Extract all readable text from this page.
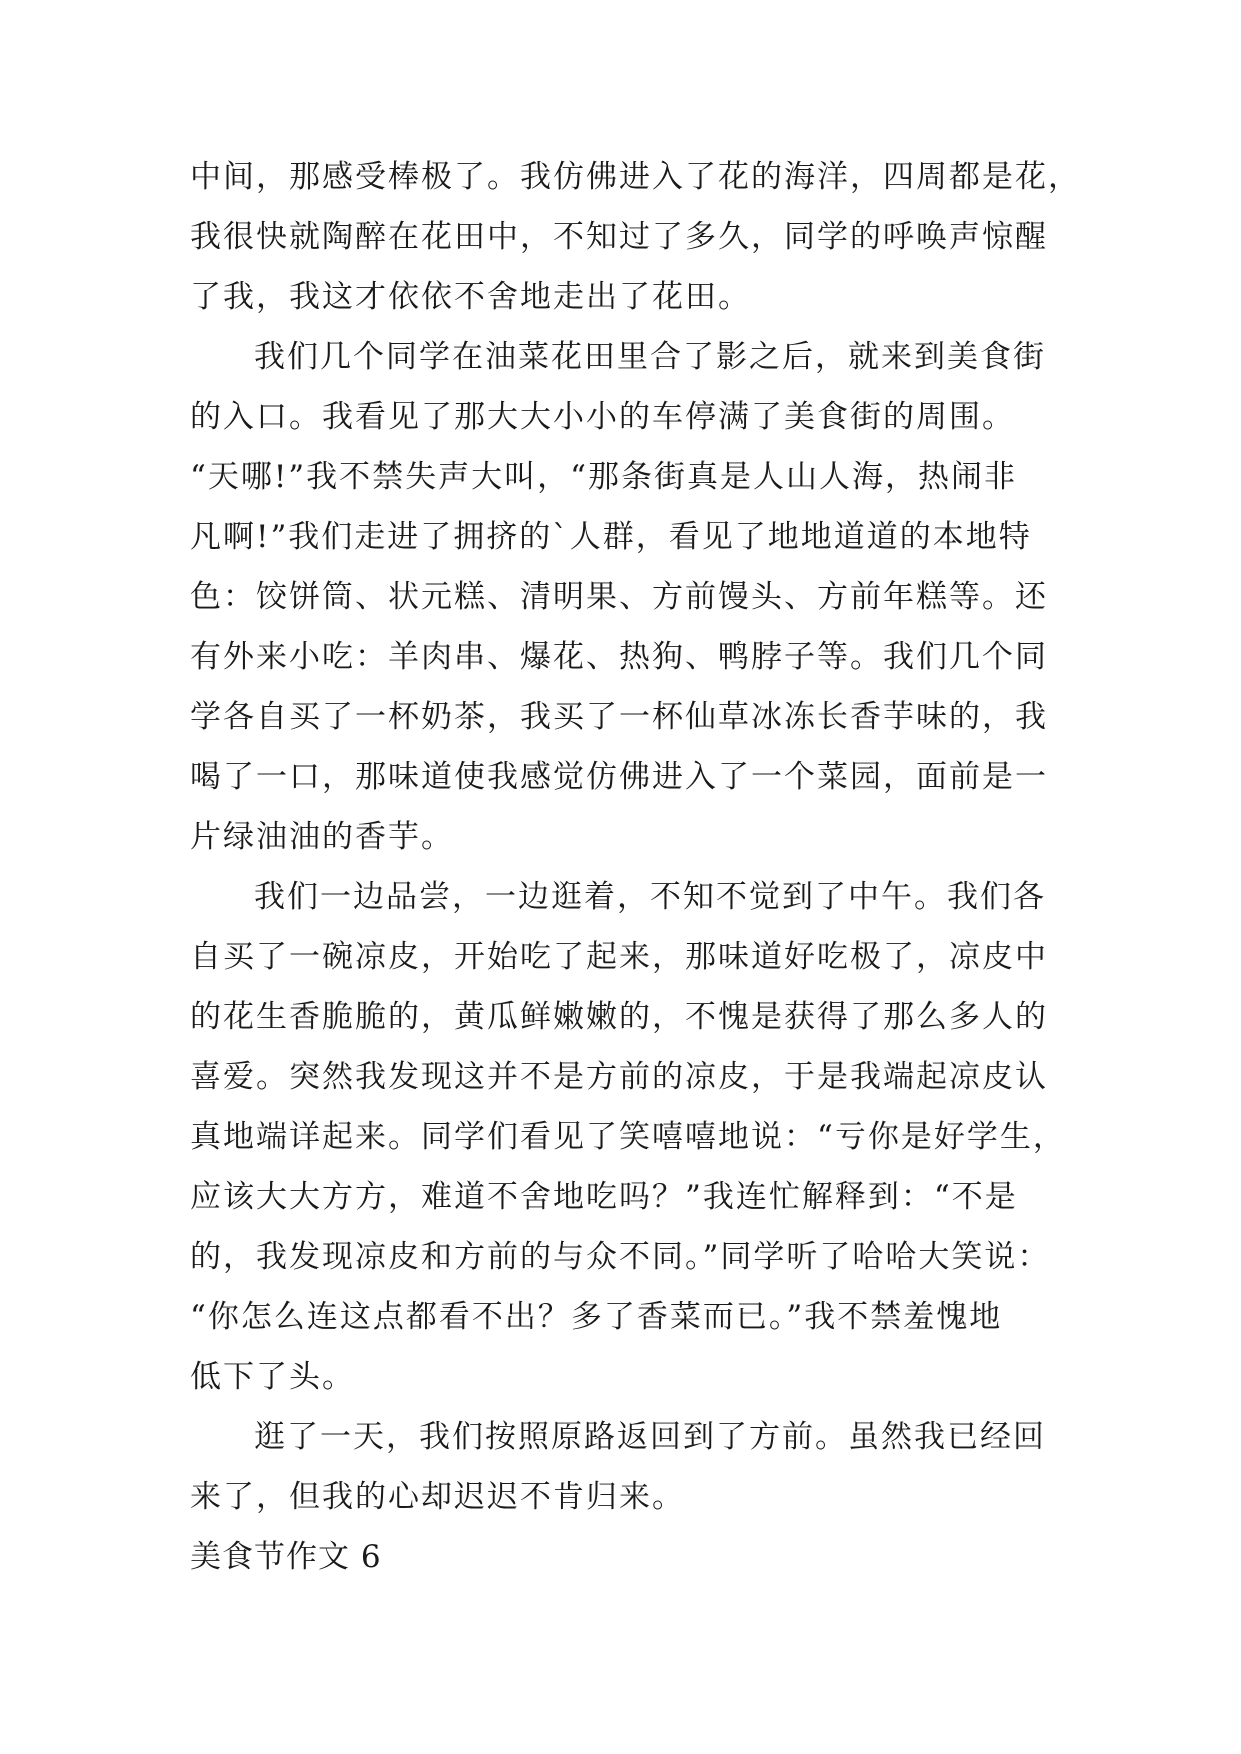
中间，那感受棒极了。我仿佛进入了花的海洋，四周都是花，
我很快就陶醉在花田中，不知过了多久，同学的呼唤声惊醒
了我，我这才依依不舍地走出了花田。
我们几个同学在油菜花田里合了影之后，就来到美食街
的入口。我看见了那大大小小的车停满了美食街的周围。
“天哪!”我不禁失声大叫，“那条街真是人山人海，热闹非
凡啊!”我们走进了拥挤的`人群，看见了地地道道的本地特
色：饺饼筒、状元糕、清明果、方前馒头、方前年糕等。还
有外来小吃：羊肉串、爆花、热狗、鸭脖子等。我们几个同
学各自买了一杯奶茶，我买了一杯仙草冰冻长香芋味的，我
喝了一口，那味道使我感觉仿佛进入了一个菜园，面前是一
片绿油油的香芋。
我们一边品尝，一边逛着，不知不觉到了中午。我们各
自买了一碗凉皮，开始吃了起来，那味道好吃极了，凉皮中
的花生香脆脆的，黄瓜鲜嫩嫩的，不愧是获得了那么多人的
喜爱。突然我发现这并不是方前的凉皮，于是我端起凉皮认
真地端详起来。同学们看见了笑嘻嘻地说：“亏你是好学生，
应该大大方方，难道不舍地吃吗？”我连忙解释到：“不是
的，我发现凉皮和方前的与众不同。”同学听了哈哈大笑说：
“你怎么连这点都看不出？多了香菜而已。”我不禁羞愧地
低下了头。
逛了一天，我们按照原路返回到了方前。虽然我已经回
来了，但我的心却迟迟不肯归来。
美食节作文 6
